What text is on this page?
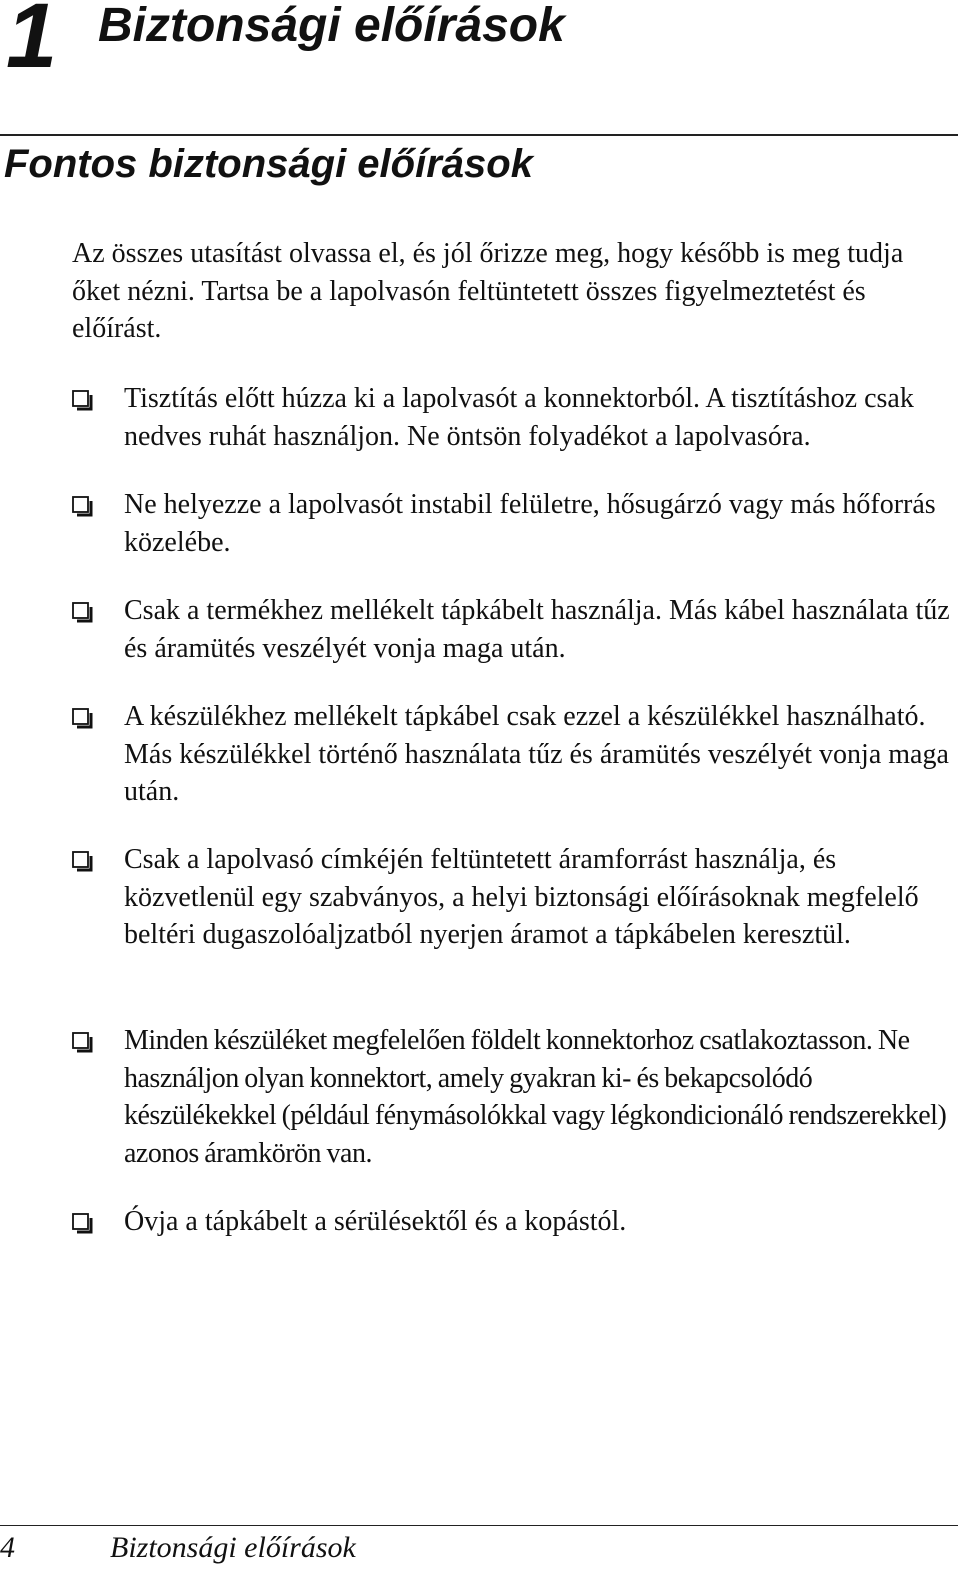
1 Biztonsági előírások
Fontos biztonsági előírások
Az összes utasítást olvassa el, és jól őrizze meg, hogy később is meg tudja őket nézni. Tartsa be a lapolvasón feltüntetett összes figyelmeztetést és előírást.
Tisztítás előtt húzza ki a lapolvasót a konnektorból. A tisztításhoz csak nedves ruhát használjon. Ne öntsön folyadékot a lapolvasóra.
Ne helyezze a lapolvasót instabil felületre, hősugárzó vagy más hőforrás közelébe.
Csak a termékhez mellékelt tápkábelt használja. Más kábel használata tűz és áramütés veszélyét vonja maga után.
A készülékhez mellékelt tápkábel csak ezzel a készülékkel használható. Más készülékkel történő használata tűz és áramütés veszélyét vonja maga után.
Csak a lapolvasó címkéjén feltüntetett áramforrást használja, és közvetlenül egy szabványos, a helyi biztonsági előírásoknak megfelelő beltéri dugaszolóaljzatból nyerjen áramot a tápkábelen keresztül.
Minden készüléket megfelelően földelt konnektorhoz csatlakoztasson. Ne használjon olyan konnektort, amely gyakran ki- és bekapcsolódó készülékekkel (például fénymásolókkal vagy légkondicionáló rendszerekkel) azonos áramkörön van.
Óvja a tápkábelt a sérülésektől és a kopástól.
4	Biztonsági előírások
